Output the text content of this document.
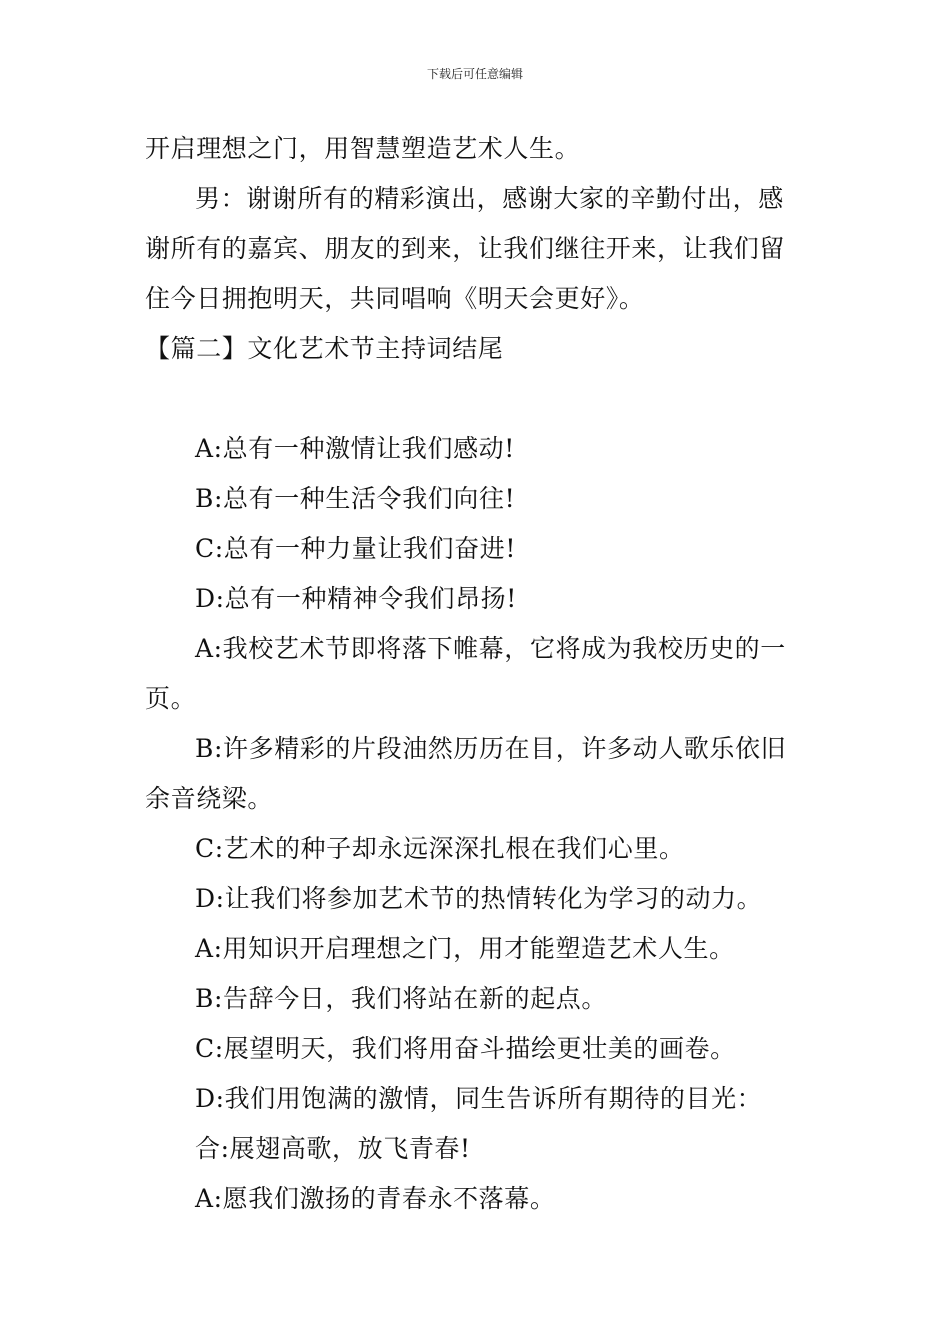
下载后可任意编辑
开启理想之门，用智慧塑造艺术人生。
男：谢谢所有的精彩演出，感谢大家的辛勤付出，感
谢所有的嘉宾、朋友的到来，让我们继往开来，让我们留
住今日拥抱明天，共同唱响《明天会更好》。
【篇二】文化艺术节主持词结尾
A:总有一种激情让我们感动!
B:总有一种生活令我们向往!
C:总有一种力量让我们奋进!
D:总有一种精神令我们昂扬!
A:我校艺术节即将落下帷幕，它将成为我校历史的一
页。
B:许多精彩的片段油然历历在目，许多动人歌乐依旧
余音绕梁。
C:艺术的种子却永远深深扎根在我们心里。
D:让我们将参加艺术节的热情转化为学习的动力。
A:用知识开启理想之门，用才能塑造艺术人生。
B:告辞今日，我们将站在新的起点。
C:展望明天，我们将用奋斗描绘更壮美的画卷。
D:我们用饱满的激情，同生告诉所有期待的目光：
合:展翅高歌，放飞青春!
A:愿我们激扬的青春永不落幕。
